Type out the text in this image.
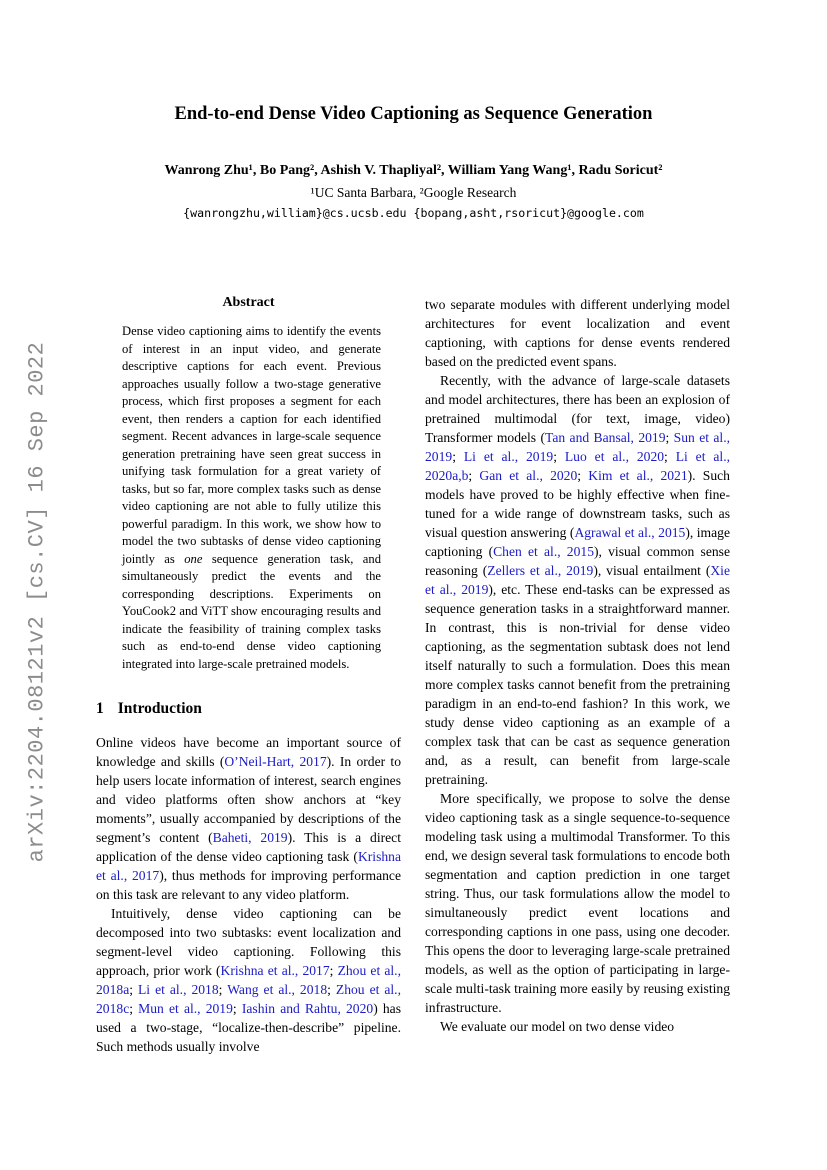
arXiv:2204.08121v2 [cs.CV] 16 Sep 2022
End-to-end Dense Video Captioning as Sequence Generation
Wanrong Zhu¹, Bo Pang², Ashish V. Thapliyal², William Yang Wang¹, Radu Soricut²
¹UC Santa Barbara, ²Google Research
{wanrongzhu,william}@cs.ucsb.edu {bopang,asht,rsoricut}@google.com
Abstract

Dense video captioning aims to identify the events of interest in an input video, and generate descriptive captions for each event. Previous approaches usually follow a two-stage generative process, which first proposes a segment for each event, then renders a caption for each identified segment. Recent advances in large-scale sequence generation pretraining have seen great success in unifying task formulation for a great variety of tasks, but so far, more complex tasks such as dense video captioning are not able to fully utilize this powerful paradigm. In this work, we show how to model the two subtasks of dense video captioning jointly as one sequence generation task, and simultaneously predict the events and the corresponding descriptions. Experiments on YouCook2 and ViTT show encouraging results and indicate the feasibility of training complex tasks such as end-to-end dense video captioning integrated into large-scale pretrained models.

1 Introduction

Online videos have become an important source of knowledge and skills (O’Neil-Hart, 2017). In order to help users locate information of interest, search engines and video platforms often show anchors at “key moments”, usually accompanied by descriptions of the segment’s content (Baheti, 2019). This is a direct application of the dense video captioning task (Krishna et al., 2017), thus methods for improving performance on this task are relevant to any video platform.

Intuitively, dense video captioning can be decomposed into two subtasks: event localization and segment-level video captioning. Following this approach, prior work (Krishna et al., 2017; Zhou et al., 2018a; Li et al., 2018; Wang et al., 2018; Zhou et al., 2018c; Mun et al., 2019; Iashin and Rahtu, 2020) has used a two-stage, “localize-then-describe” pipeline. Such methods usually involve

two separate modules with different underlying model architectures for event localization and event captioning, with captions for dense events rendered based on the predicted event spans.

Recently, with the advance of large-scale datasets and model architectures, there has been an explosion of pretrained multimodal (for text, image, video) Transformer models (Tan and Bansal, 2019; Sun et al., 2019; Li et al., 2019; Luo et al., 2020; Li et al., 2020a,b; Gan et al., 2020; Kim et al., 2021). Such models have proved to be highly effective when fine-tuned for a wide range of downstream tasks, such as visual question answering (Agrawal et al., 2015), image captioning (Chen et al., 2015), visual common sense reasoning (Zellers et al., 2019), visual entailment (Xie et al., 2019), etc. These end-tasks can be expressed as sequence generation tasks in a straightforward manner. In contrast, this is non-trivial for dense video captioning, as the segmentation subtask does not lend itself naturally to such a formulation. Does this mean more complex tasks cannot benefit from the pretraining paradigm in an end-to-end fashion? In this work, we study dense video captioning as an example of a complex task that can be cast as sequence generation and, as a result, can benefit from large-scale pretraining.

More specifically, we propose to solve the dense video captioning task as a single sequence-to-sequence modeling task using a multimodal Transformer. To this end, we design several task formulations to encode both segmentation and caption prediction in one target string. Thus, our task formulations allow the model to simultaneously predict event locations and corresponding captions in one pass, using one decoder. This opens the door to leveraging large-scale pretrained models, as well as the option of participating in large-scale multi-task training more easily by reusing existing infrastructure.

We evaluate our model on two dense video
